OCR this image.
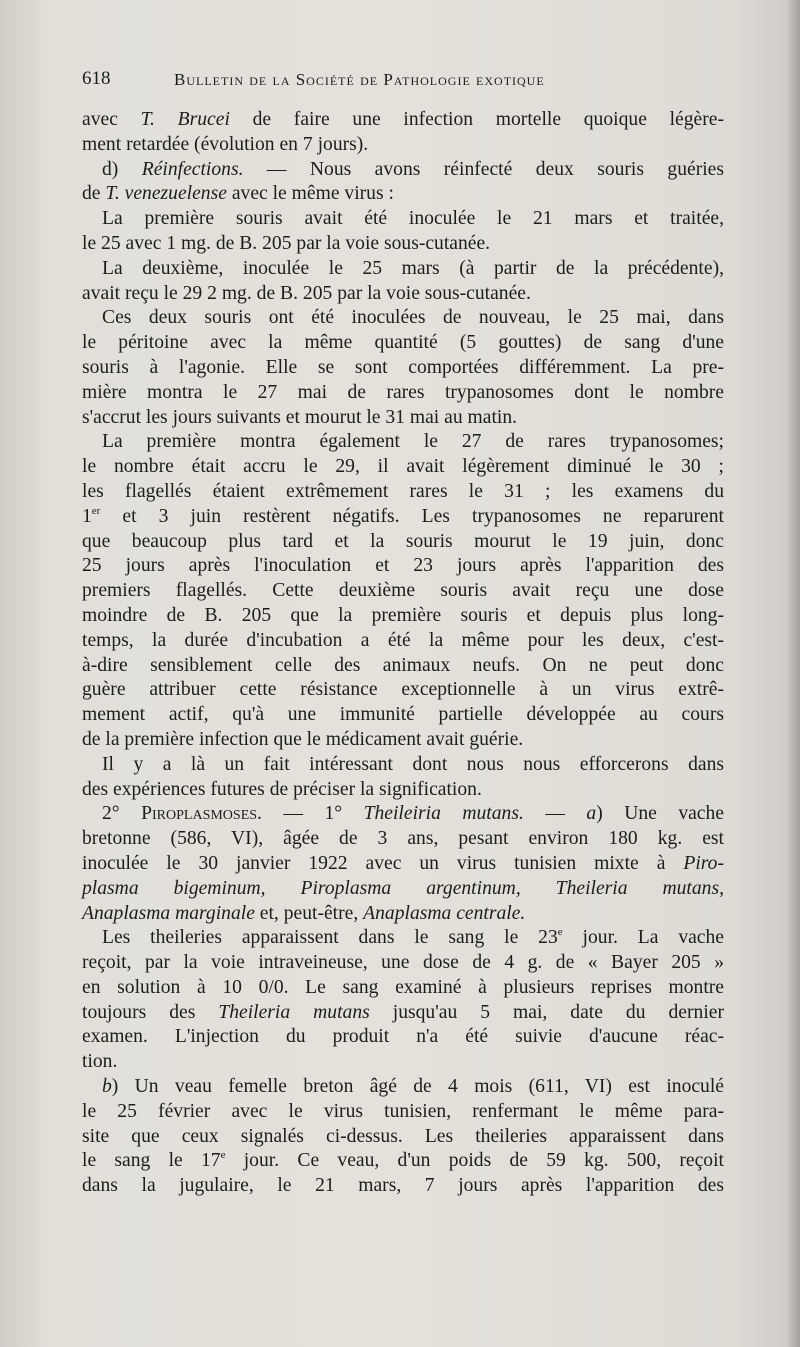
618	Bulletin de la Société de Pathologie exotique
avec T. Brucei de faire une infection mortelle quoique légère-
ment retardée (évolution en 7 jours).
d) Réinfections. — Nous avons réinfecté deux souris guéries
de T. venezuelense avec le même virus :
La première souris avait été inoculée le 21 mars et traitée,
le 25 avec 1 mg. de B. 205 par la voie sous-cutanée.
La deuxième, inoculée le 25 mars (à partir de la précédente),
avait reçu le 29 2 mg. de B. 205 par la voie sous-cutanée.
Ces deux souris ont été inoculées de nouveau, le 25 mai, dans
le péritoine avec la même quantité (5 gouttes) de sang d'une
souris à l'agonie. Elle se sont comportées différemment. La pre-
mière montra le 27 mai de rares trypanosomes dont le nombre
s'accrut les jours suivants et mourut le 31 mai au matin.
La première montra également le 27 de rares trypanosomes;
le nombre était accru le 29, il avait légèrement diminué le 30 ;
les flagellés étaient extrêmement rares le 31 ; les examens du
1er et 3 juin restèrent négatifs. Les trypanosomes ne reparurent
que beaucoup plus tard et la souris mourut le 19 juin, donc
25 jours après l'inoculation et 23 jours après l'apparition des
premiers flagellés. Cette deuxième souris avait reçu une dose
moindre de B. 205 que la première souris et depuis plus long-
temps, la durée d'incubation a été la même pour les deux, c'est-
à-dire sensiblement celle des animaux neufs. On ne peut donc
guère attribuer cette résistance exceptionnelle à un virus extrê-
mement actif, qu'à une immunité partielle développée au cours
de la première infection que le médicament avait guérie.
Il y a là un fait intéressant dont nous nous efforcerons dans
des expériences futures de préciser la signification.
2° Piroplasmoses. — 1° Theileiria mutans. — a) Une vache
bretonne (586, VI), âgée de 3 ans, pesant environ 180 kg. est
inoculée le 30 janvier 1922 avec un virus tunisien mixte à Piro-
plasma bigeminum, Piroplasma argentinum, Theileria mutans,
Anaplasma marginale et, peut-être, Anaplasma centrale.
Les theileries apparaissent dans le sang le 23e jour. La vache
reçoit, par la voie intraveineuse, une dose de 4 g. de « Bayer 205 »
en solution à 10 0/0. Le sang examiné à plusieurs reprises montre
toujours des Theileria mutans jusqu'au 5 mai, date du dernier
examen. L'injection du produit n'a été suivie d'aucune réac-
tion.
b) Un veau femelle breton âgé de 4 mois (611, VI) est inoculé
le 25 février avec le virus tunisien, renfermant le même para-
site que ceux signalés ci-dessus. Les theileries apparaissent dans
le sang le 17e jour. Ce veau, d'un poids de 59 kg. 500, reçoit
dans la jugulaire, le 21 mars, 7 jours après l'apparition des
